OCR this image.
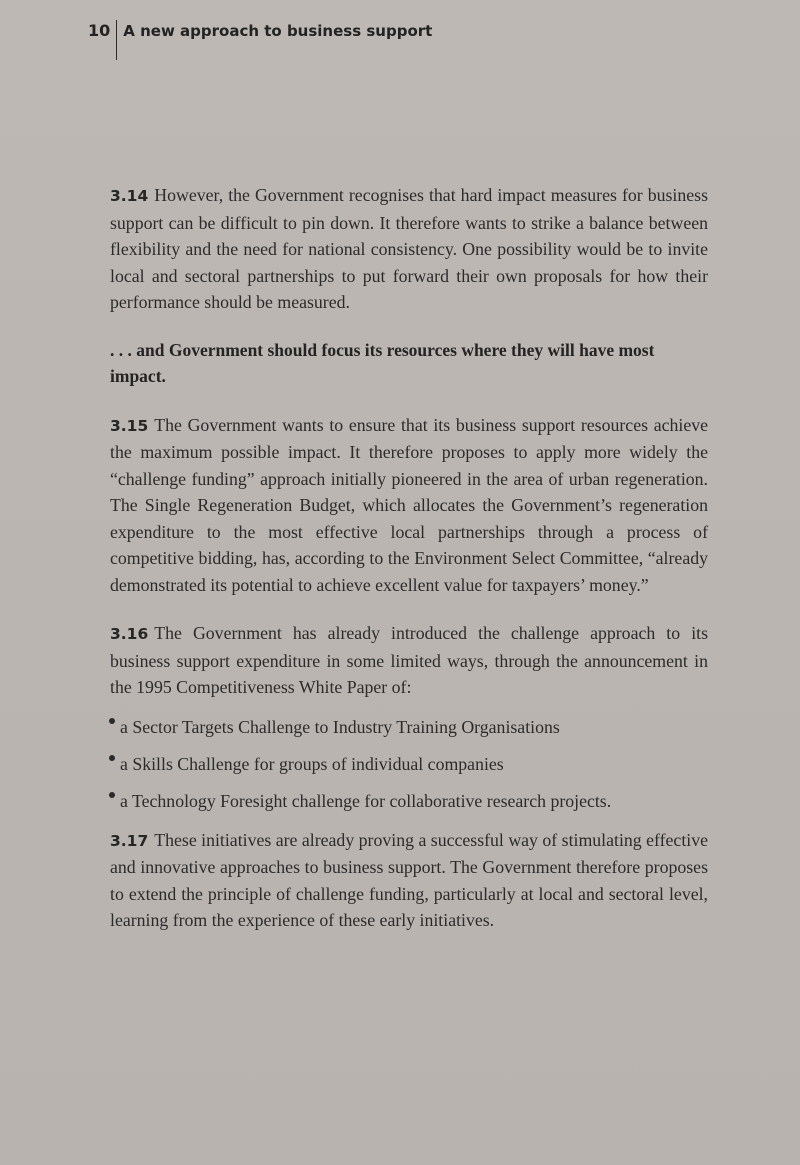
10 A new approach to business support

3.14 However, the Government recognises that hard impact measures for business support can be difficult to pin down. It therefore wants to strike a balance between flexibility and the need for national consistency. One possibility would be to invite local and sectoral partnerships to put forward their own proposals for how their performance should be measured.

. . . and Government should focus its resources where they will have most impact.

3.15 The Government wants to ensure that its business support resources achieve the maximum possible impact. It therefore proposes to apply more widely the “challenge funding” approach initially pioneered in the area of urban regeneration. The Single Regeneration Budget, which allocates the Government’s regeneration expenditure to the most effective local partnerships through a process of competitive bidding, has, according to the Environment Select Committee, “already demonstrated its potential to achieve excellent value for taxpayers’ money.”

3.16 The Government has already introduced the challenge approach to its business support expenditure in some limited ways, through the announcement in the 1995 Competitiveness White Paper of:

a Sector Targets Challenge to Industry Training Organisations
a Skills Challenge for groups of individual companies
a Technology Foresight challenge for collaborative research projects.

3.17 These initiatives are already proving a successful way of stimulating effective and innovative approaches to business support. The Government therefore proposes to extend the principle of challenge funding, particularly at local and sectoral level, learning from the experience of these early initiatives.
